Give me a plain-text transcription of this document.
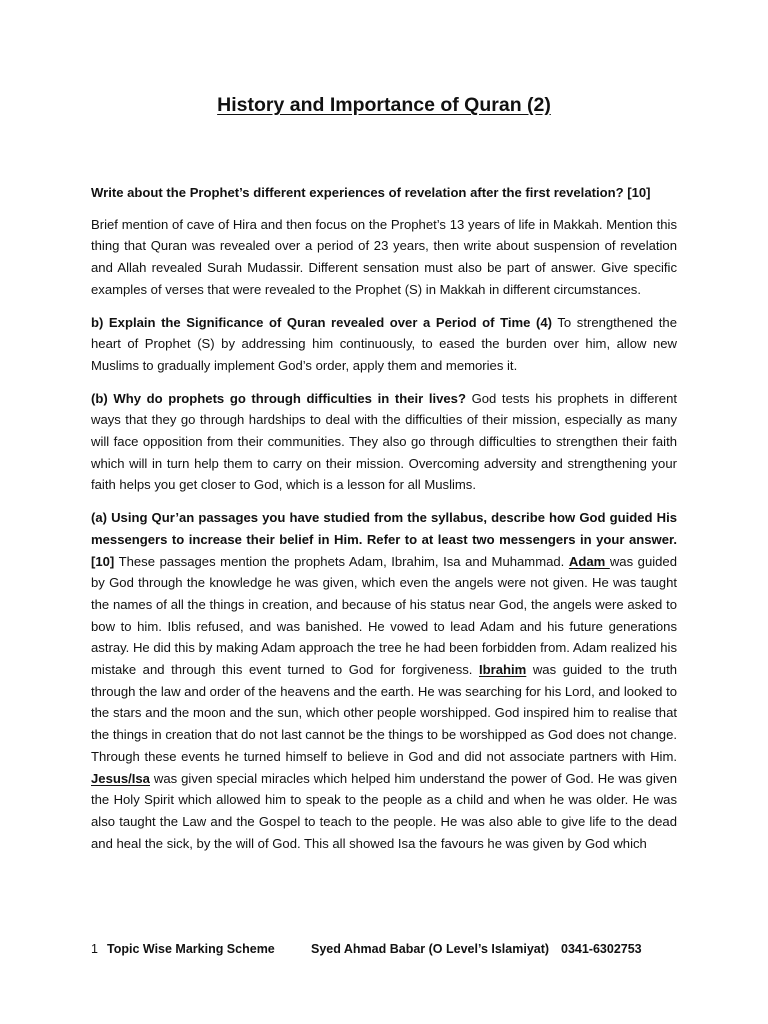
History and Importance of Quran (2)

Write about the Prophet’s different experiences of revelation after the first revelation? [10]

Brief mention of cave of Hira and then focus on the Prophet’s 13 years of life in Makkah. Mention this thing that Quran was revealed over a period of 23 years, then write about suspension of revelation and Allah revealed Surah Mudassir. Different sensation must also be part of answer. Give specific examples of verses that were revealed to the Prophet (S) in Makkah in different circumstances.

b) Explain the Significance of Quran revealed over a Period of Time (4) To strengthened the heart of Prophet (S) by addressing him continuously, to eased the burden over him, allow new Muslims to gradually implement God’s order, apply them and memories it.

(b) Why do prophets go through difficulties in their lives? God tests his prophets in different ways that they go through hardships to deal with the difficulties of their mission, especially as many will face opposition from their communities. They also go through difficulties to strengthen their faith which will in turn help them to carry on their mission. Overcoming adversity and strengthening your faith helps you get closer to God, which is a lesson for all Muslims.

(a) Using Qur’an passages you have studied from the syllabus, describe how God guided His messengers to increase their belief in Him. Refer to at least two messengers in your answer. [10] These passages mention the prophets Adam, Ibrahim, Isa and Muhammad. Adam was guided by God through the knowledge he was given, which even the angels were not given. He was taught the names of all the things in creation, and because of his status near God, the angels were asked to bow to him. Iblis refused, and was banished. He vowed to lead Adam and his future generations astray. He did this by making Adam approach the tree he had been forbidden from. Adam realized his mistake and through this event turned to God for forgiveness. Ibrahim was guided to the truth through the law and order of the heavens and the earth. He was searching for his Lord, and looked to the stars and the moon and the sun, which other people worshipped. God inspired him to realise that the things in creation that do not last cannot be the things to be worshipped as God does not change. Through these events he turned himself to believe in God and did not associate partners with Him. Jesus/Isa was given special miracles which helped him understand the power of God. He was given the Holy Spirit which allowed him to speak to the people as a child and when he was older. He was also taught the Law and the Gospel to teach to the people. He was also able to give life to the dead and heal the sick, by the will of God. This all showed Isa the favours he was given by God which

1 Topic Wise Marking Scheme	Syed Ahmad Babar (O Level’s Islamiyat) 0341-6302753
